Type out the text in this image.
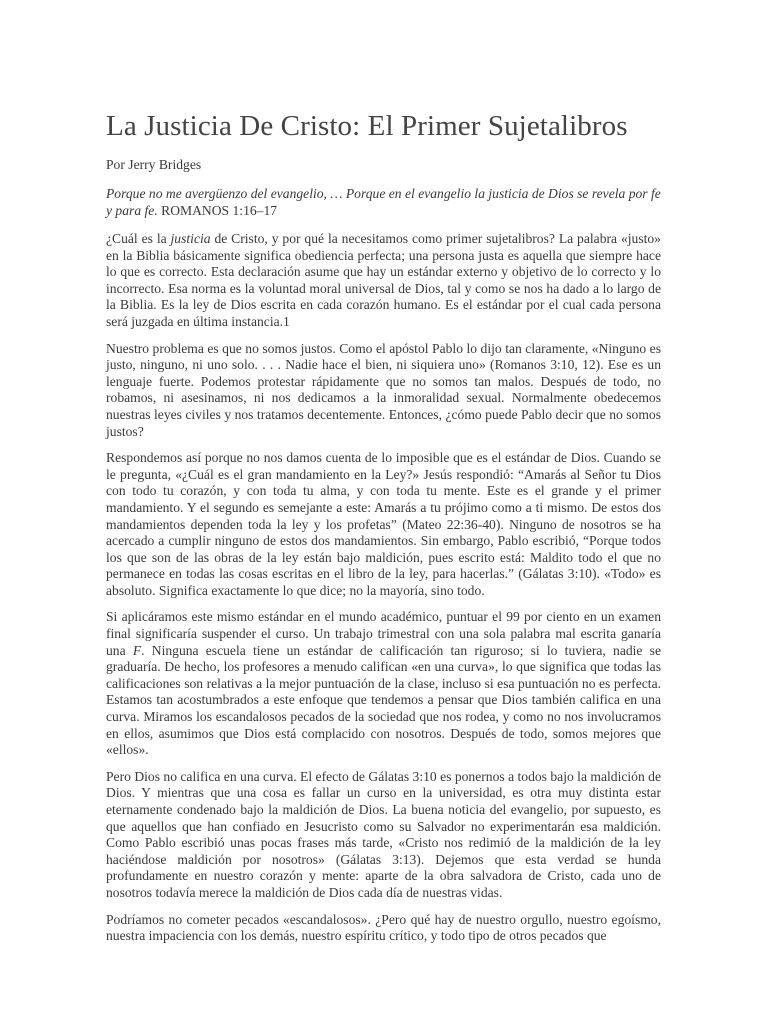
La Justicia De Cristo: El Primer Sujetalibros

Por Jerry Bridges

Porque no me avergüenzo del evangelio, … Porque en el evangelio la justicia de Dios se revela por fe y para fe. ROMANOS 1:16–17

¿Cuál es la justicia de Cristo, y por qué la necesitamos como primer sujetalibros? La palabra «justo» en la Biblia básicamente significa obediencia perfecta; una persona justa es aquella que siempre hace lo que es correcto. Esta declaración asume que hay un estándar externo y objetivo de lo correcto y lo incorrecto. Esa norma es la voluntad moral universal de Dios, tal y como se nos ha dado a lo largo de la Biblia. Es la ley de Dios escrita en cada corazón humano. Es el estándar por el cual cada persona será juzgada en última instancia.1

Nuestro problema es que no somos justos. Como el apóstol Pablo lo dijo tan claramente, «Ninguno es justo, ninguno, ni uno solo. . . . Nadie hace el bien, ni siquiera uno» (Romanos 3:10, 12). Ese es un lenguaje fuerte. Podemos protestar rápidamente que no somos tan malos. Después de todo, no robamos, ni asesinamos, ni nos dedicamos a la inmoralidad sexual. Normalmente obedecemos nuestras leyes civiles y nos tratamos decentemente. Entonces, ¿cómo puede Pablo decir que no somos justos?

Respondemos así porque no nos damos cuenta de lo imposible que es el estándar de Dios. Cuando se le pregunta, «¿Cuál es el gran mandamiento en la Ley?» Jesús respondió: “Amarás al Señor tu Dios con todo tu corazón, y con toda tu alma, y con toda tu mente. Este es el grande y el primer mandamiento. Y el segundo es semejante a este: Amarás a tu prójimo como a ti mismo. De estos dos mandamientos dependen toda la ley y los profetas” (Mateo 22:36-40). Ninguno de nosotros se ha acercado a cumplir ninguno de estos dos mandamientos. Sin embargo, Pablo escribió, “Porque todos los que son de las obras de la ley están bajo maldición, pues escrito está: Maldito todo el que no permanece en todas las cosas escritas en el libro de la ley, para hacerlas.” (Gálatas 3:10). «Todo» es absoluto. Significa exactamente lo que dice; no la mayoría, sino todo.

Si aplicáramos este mismo estándar en el mundo académico, puntuar el 99 por ciento en un examen final significaría suspender el curso. Un trabajo trimestral con una sola palabra mal escrita ganaría una F. Ninguna escuela tiene un estándar de calificación tan riguroso; si lo tuviera, nadie se graduaría. De hecho, los profesores a menudo califican «en una curva», lo que significa que todas las calificaciones son relativas a la mejor puntuación de la clase, incluso si esa puntuación no es perfecta. Estamos tan acostumbrados a este enfoque que tendemos a pensar que Dios también califica en una curva. Miramos los escandalosos pecados de la sociedad que nos rodea, y como no nos involucramos en ellos, asumimos que Dios está complacido con nosotros. Después de todo, somos mejores que «ellos».

Pero Dios no califica en una curva. El efecto de Gálatas 3:10 es ponernos a todos bajo la maldición de Dios. Y mientras que una cosa es fallar un curso en la universidad, es otra muy distinta estar eternamente condenado bajo la maldición de Dios. La buena noticia del evangelio, por supuesto, es que aquellos que han confiado en Jesucristo como su Salvador no experimentarán esa maldición. Como Pablo escribió unas pocas frases más tarde, «Cristo nos redimió de la maldición de la ley haciéndose maldición por nosotros» (Gálatas 3:13). Dejemos que esta verdad se hunda profundamente en nuestro corazón y mente: aparte de la obra salvadora de Cristo, cada uno de nosotros todavía merece la maldición de Dios cada día de nuestras vidas.

Podríamos no cometer pecados «escandalosos». ¿Pero qué hay de nuestro orgullo, nuestro egoísmo, nuestra impaciencia con los demás, nuestro espíritu crítico, y todo tipo de otros pecados que
